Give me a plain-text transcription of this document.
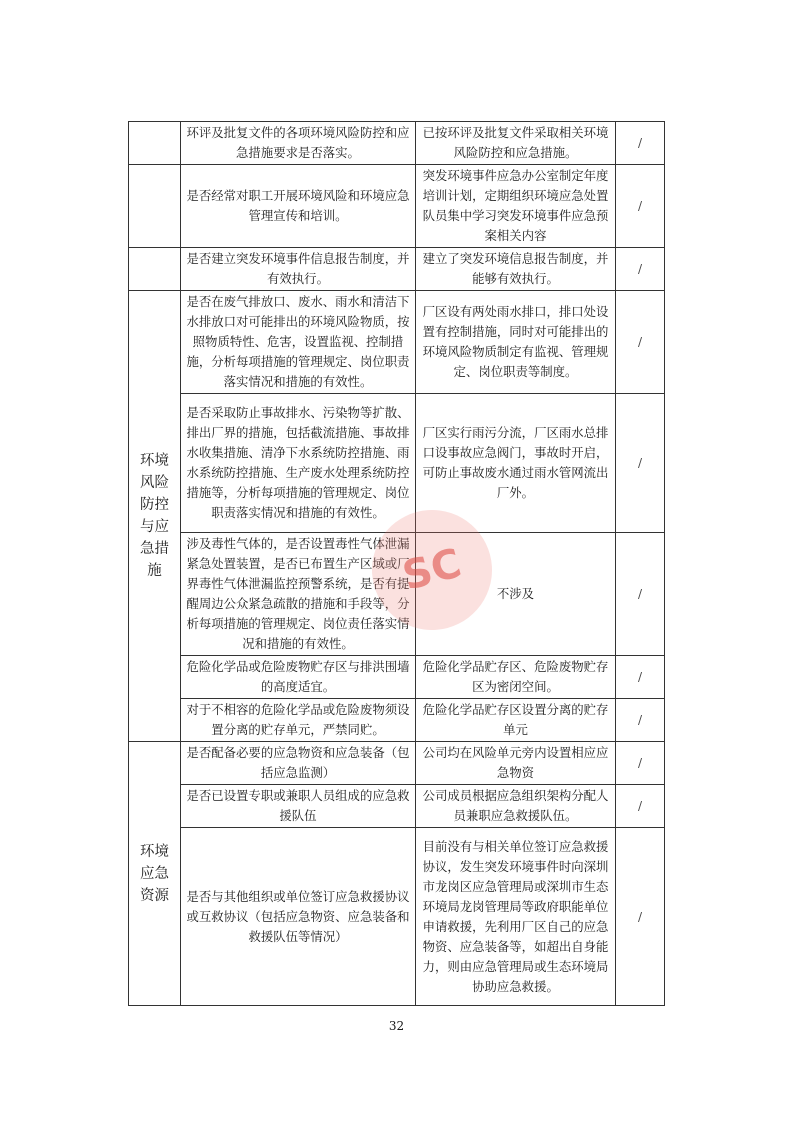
	环评及批复文件的各项环境风险防控和应急措施要求是否落实。	已按环评及批复文件采取相关环境风险防控和应急措施。	/
	是否经常对职工开展环境风险和环境应急管理宣传和培训。	突发环境事件应急办公室制定年度培训计划，定期组织环境应急处置队员集中学习突发环境事件应急预案相关内容	/
	是否建立突发环境事件信息报告制度，并有效执行。	建立了突发环境信息报告制度，并能够有效执行。	/
环境风险防控与应急措施	是否在废气排放口、废水、雨水和清洁下水排放口对可能排出的环境风险物质，按照物质特性、危害，设置监视、控制措施，分析每项措施的管理规定、岗位职责落实情况和措施的有效性。	厂区设有两处雨水排口，排口处设置有控制措施，同时对可能排出的环境风险物质制定有监视、管理规定、岗位职责等制度。	/
	是否采取防止事故排水、污染物等扩散、排出厂界的措施，包括截流措施、事故排水收集措施、清净下水系统防控措施、雨水系统防控措施、生产废水处理系统防控措施等，分析每项措施的管理规定、岗位职责落实情况和措施的有效性。	厂区实行雨污分流，厂区雨水总排口设事故应急阀门，事故时开启，可防止事故废水通过雨水管网流出厂外。	/
	涉及毒性气体的，是否设置毒性气体泄漏紧急处置装置，是否已布置生产区域或厂界毒性气体泄漏监控预警系统，是否有提醒周边公众紧急疏散的措施和手段等，分析每项措施的管理规定、岗位责任落实情况和措施的有效性。	不涉及	/
	危险化学品或危险废物贮存区与排洪围墙的高度适宜。	危险化学品贮存区、危险废物贮存区为密闭空间。	/
	对于不相容的危险化学品或危险废物须设置分离的贮存单元，严禁同贮。	危险化学品贮存区设置分离的贮存单元	/
环境应急资源	是否配备必要的应急物资和应急装备（包括应急监测）	公司均在风险单元旁内设置相应应急物资	/
	是否已设置专职或兼职人员组成的应急救援队伍	公司成员根据应急组织架构分配人员兼职应急救援队伍。	/
	是否与其他组织或单位签订应急救援协议或互救协议（包括应急物资、应急装备和救援队伍等情况）	目前没有与相关单位签订应急救援协议，发生突发环境事件时向深圳市龙岗区应急管理局或深圳市生态环境局龙岗管理局等政府职能单位申请救援，先利用厂区自己的应急物资、应急装备等，如超出自身能力，则由应急管理局或生态环境局协助应急救援。	/
SC
32
